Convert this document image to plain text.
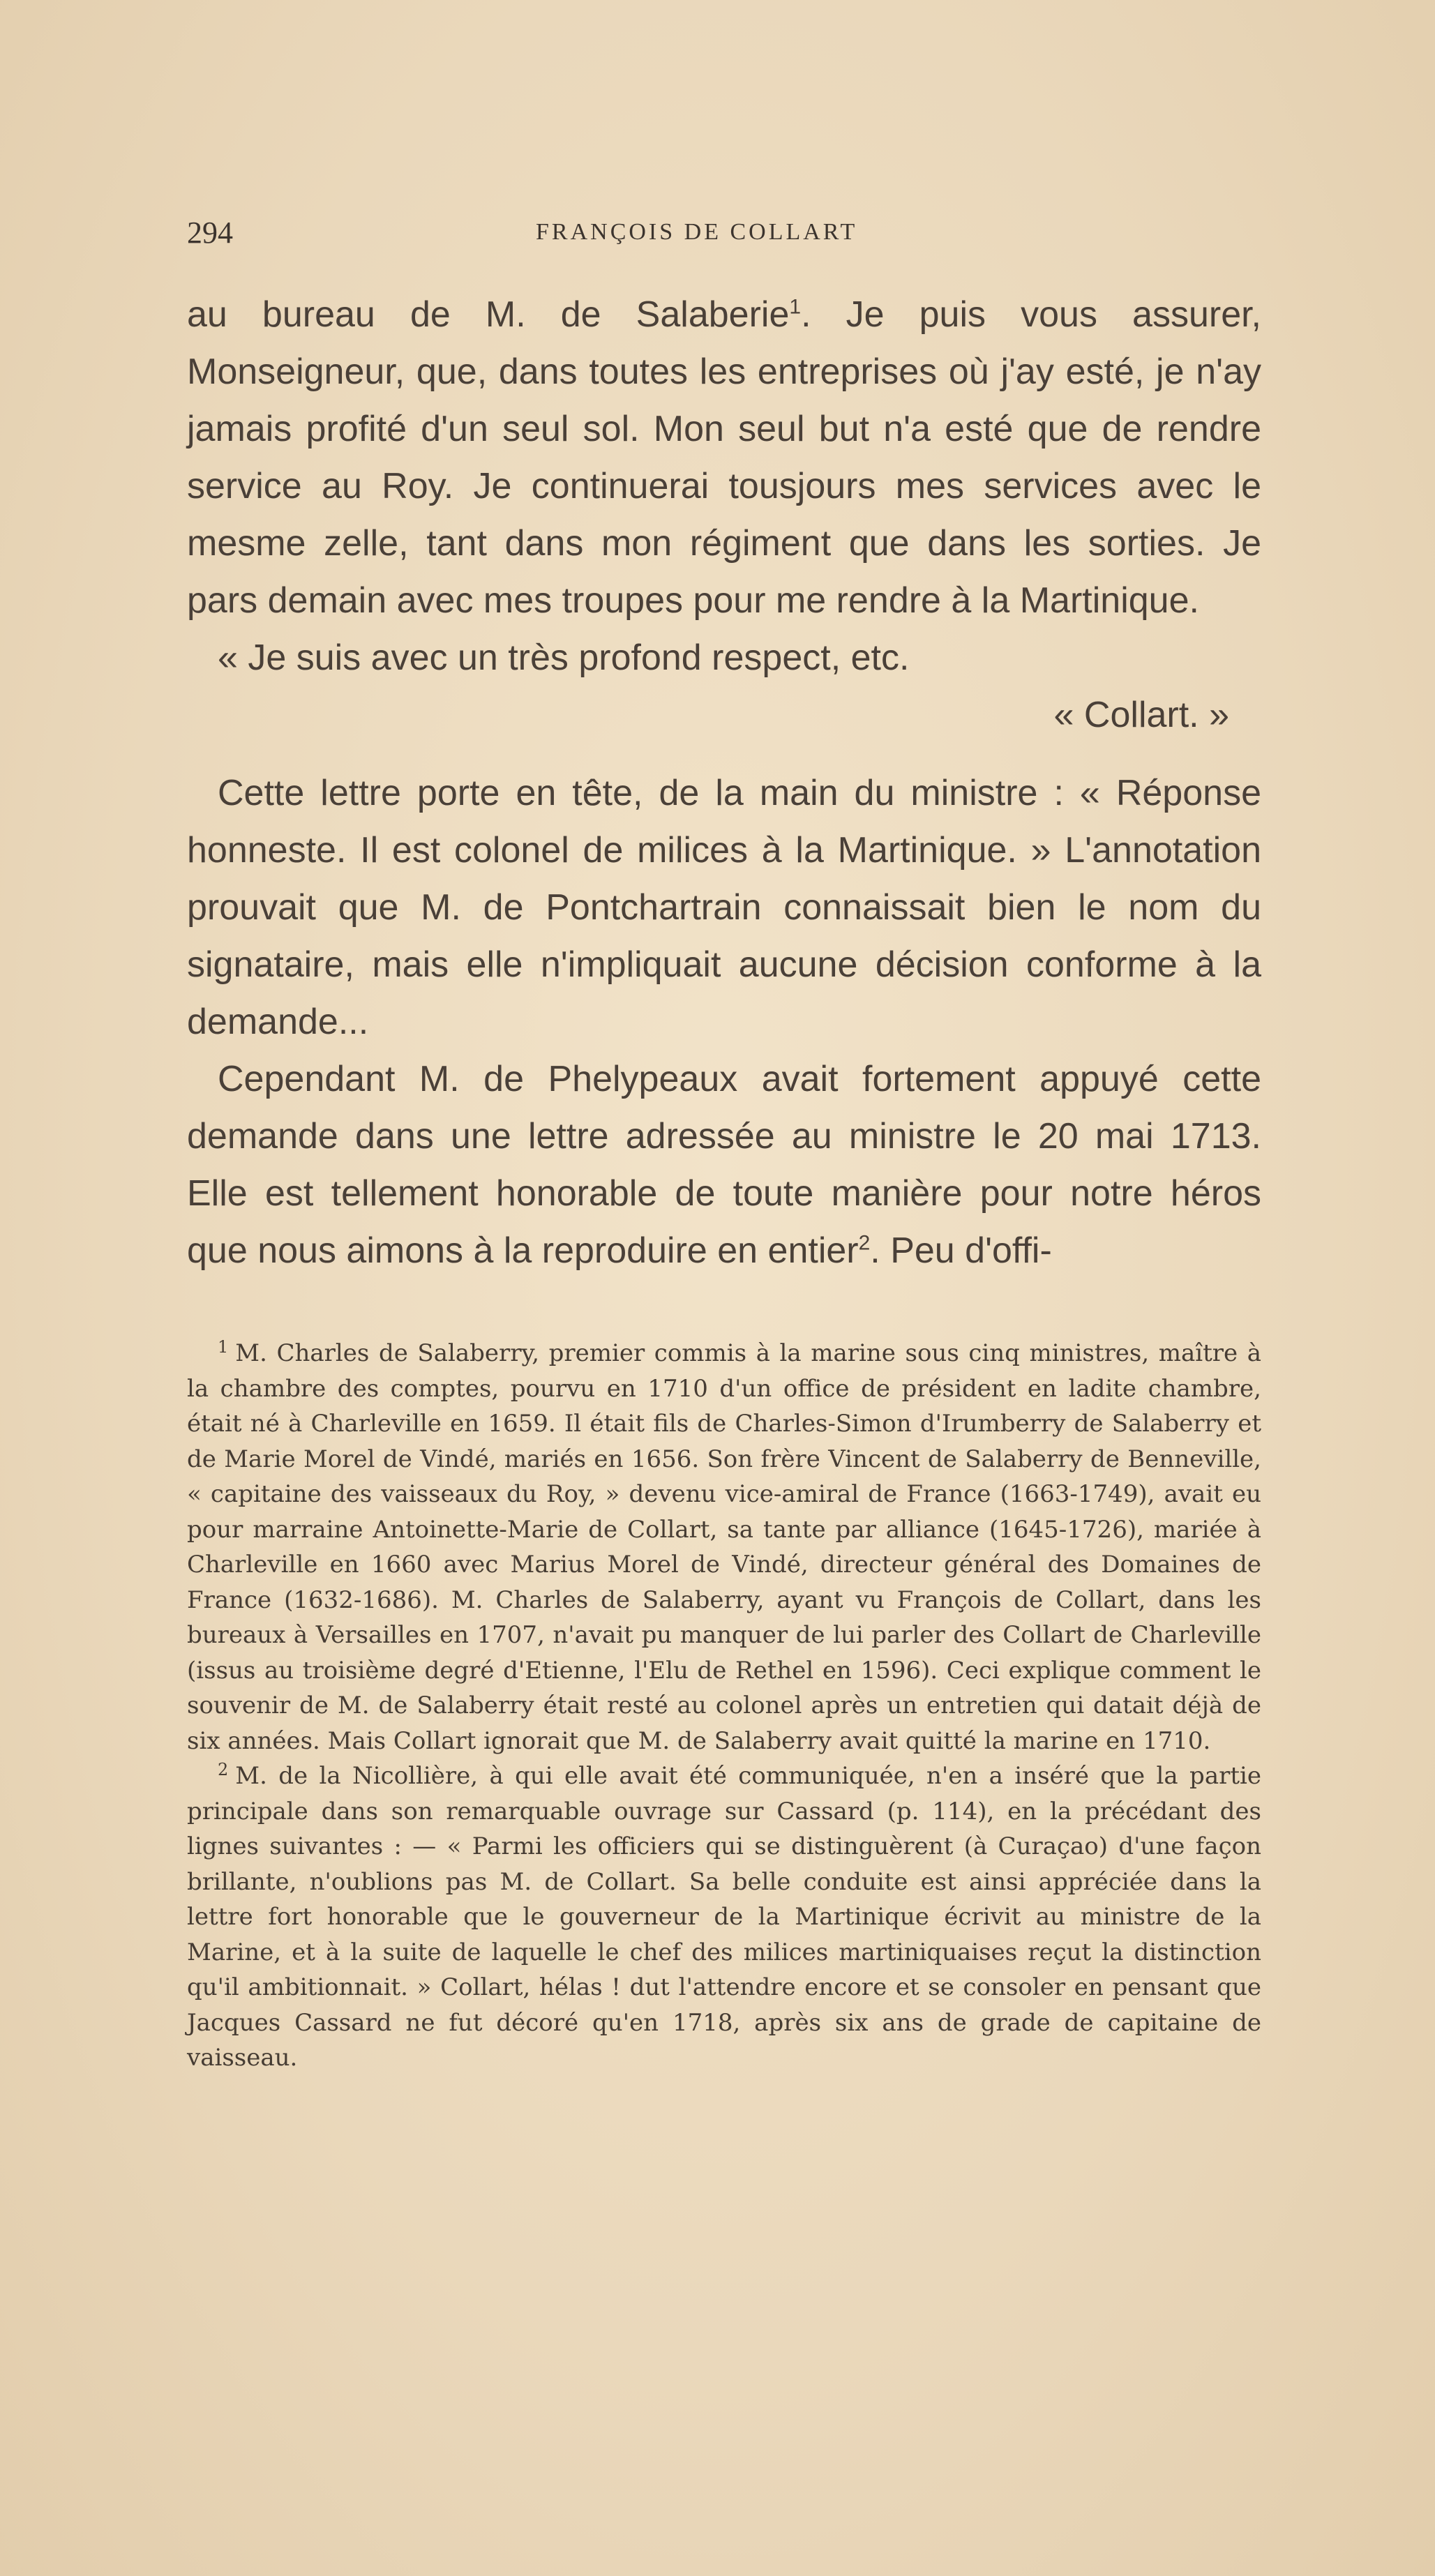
294	FRANÇOIS DE COLLART

au bureau de M. de Salaberie$^1$. Je puis vous assurer, Monseigneur, que, dans toutes les entreprises où j'ay esté, je n'ay jamais profité d'un seul sol. Mon seul but n'a esté que de rendre service au Roy. Je continuerai tousjours mes services avec le mesme zelle, tant dans mon régiment que dans les sorties. Je pars demain avec mes troupes pour me rendre à la Martinique.

« Je suis avec un très profond respect, etc.

« Collart. »

Cette lettre porte en tête, de la main du ministre : « Réponse honneste. Il est colonel de milices à la Martinique. » L'annotation prouvait que M. de Pontchartrain connaissait bien le nom du signataire, mais elle n'impliquait aucune décision conforme à la demande...

Cependant M. de Phelypeaux avait fortement appuyé cette demande dans une lettre adressée au ministre le 20 mai 1713. Elle est tellement honorable de toute manière pour notre héros que nous aimons à la reproduire en entier$^2$. Peu d'offi-

$^1$ M. Charles de Salaberry, premier commis à la marine sous cinq ministres, maître à la chambre des comptes, pourvu en 1710 d'un office de président en ladite chambre, était né à Charleville en 1659. Il était fils de Charles-Simon d'Irumberry de Salaberry et de Marie Morel de Vindé, mariés en 1656. Son frère Vincent de Salaberry de Benneville, « capitaine des vaisseaux du Roy, » devenu vice-amiral de France (1663-1749), avait eu pour marraine Antoinette-Marie de Collart, sa tante par alliance (1645-1726), mariée à Charleville en 1660 avec Marius Morel de Vindé, directeur général des Domaines de France (1632-1686). M. Charles de Salaberry, ayant vu François de Collart, dans les bureaux à Versailles en 1707, n'avait pu manquer de lui parler des Collart de Charleville (issus au troisième degré d'Etienne, l'Elu de Rethel en 1596). Ceci explique comment le souvenir de M. de Salaberry était resté au colonel après un entretien qui datait déjà de six années. Mais Collart ignorait que M. de Salaberry avait quitté la marine en 1710.

$^2$ M. de la Nicollière, à qui elle avait été communiquée, n'en a inséré que la partie principale dans son remarquable ouvrage sur Cassard (p. 114), en la précédant des lignes suivantes : — « Parmi les officiers qui se distinguèrent (à Curaçao) d'une façon brillante, n'oublions pas M. de Collart. Sa belle conduite est ainsi appréciée dans la lettre fort honorable que le gouverneur de la Martinique écrivit au ministre de la Marine, et à la suite de laquelle le chef des milices martiniquaises reçut la distinction qu'il ambitionnait. » Collart, hélas ! dut l'attendre encore et se consoler en pensant que Jacques Cassard ne fut décoré qu'en 1718, après six ans de grade de capitaine de vaisseau.
